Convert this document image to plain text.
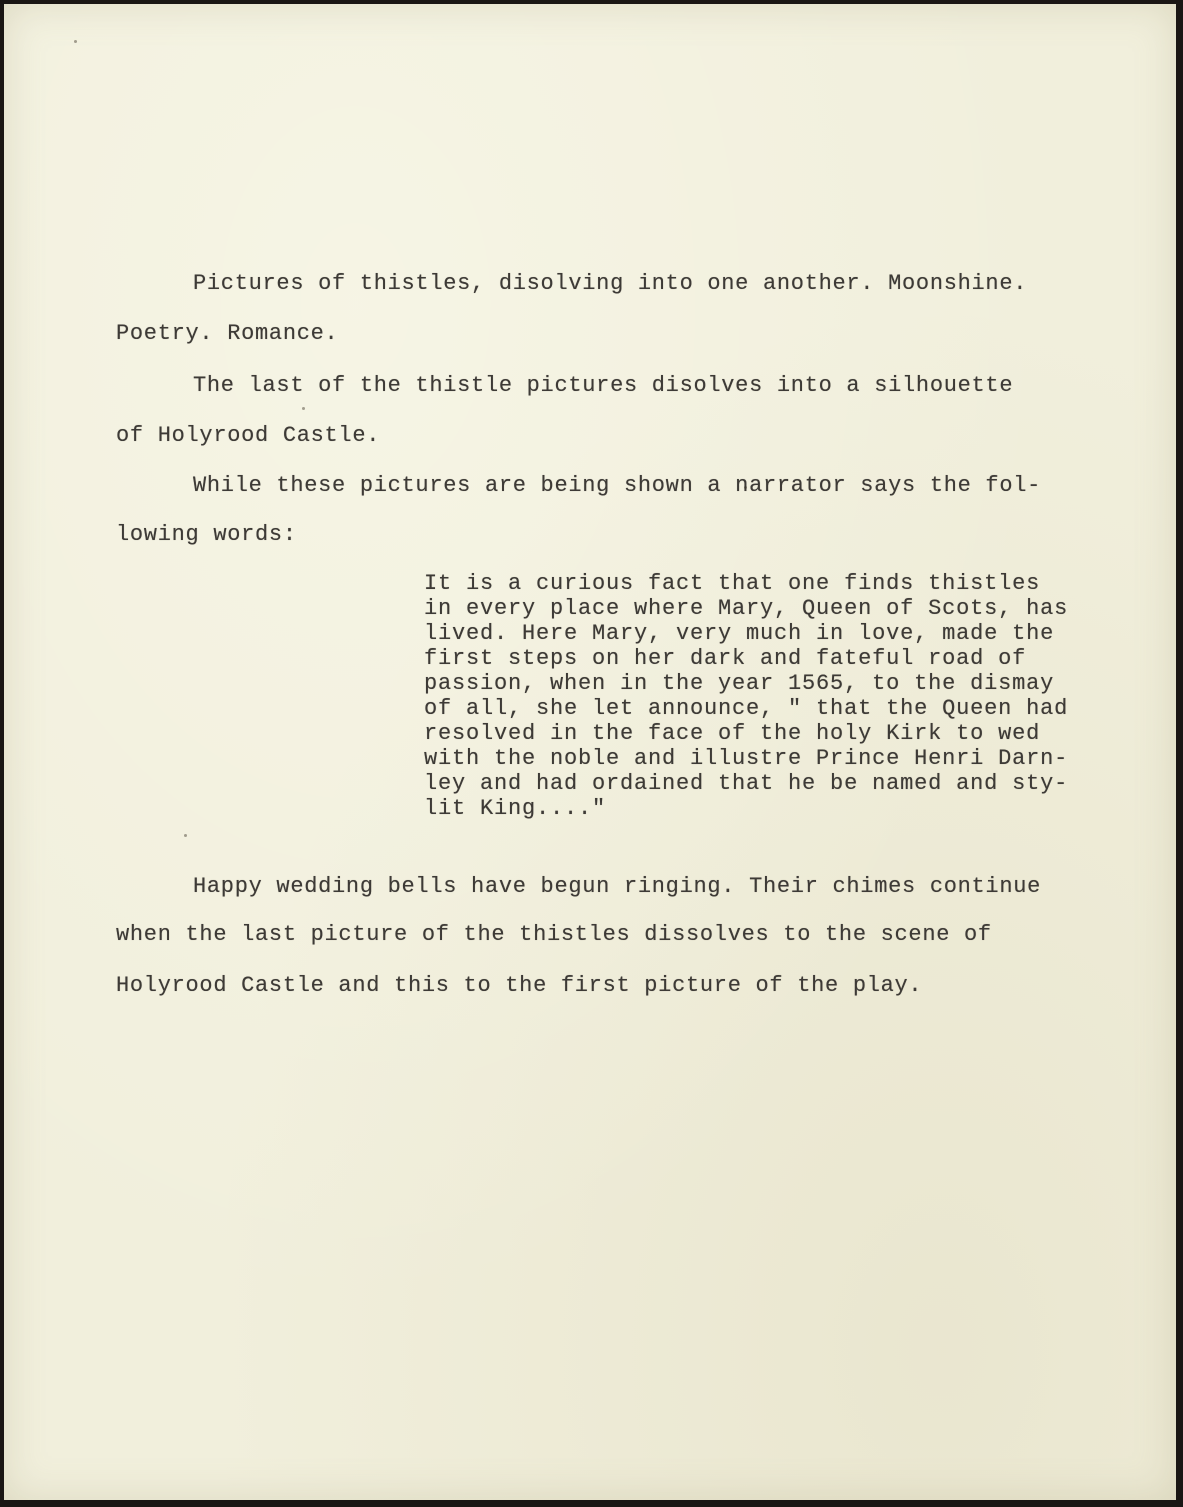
Pictures of thistles, disolving into one another. Moonshine.

Poetry. Romance.

The last of the thistle pictures disolves into a silhouette

of Holyrood Castle.

While these pictures are being shown a narrator says the fol-

lowing words:

It is a curious fact that one finds thistles

in every place where Mary, Queen of Scots, has

lived. Here Mary, very much in love, made the

first steps on her dark and fateful road of

passion, when in the year 1565, to the dismay

of all, she let announce, " that the Queen had

resolved in the face of the holy Kirk to wed

with the noble and illustre Prince Henri Darn-

ley and had ordained that he be named and sty-

lit King...."

Happy wedding bells have begun ringing. Their chimes continue

when the last picture of the thistles dissolves to the scene of

Holyrood Castle and this to the first picture of the play.
